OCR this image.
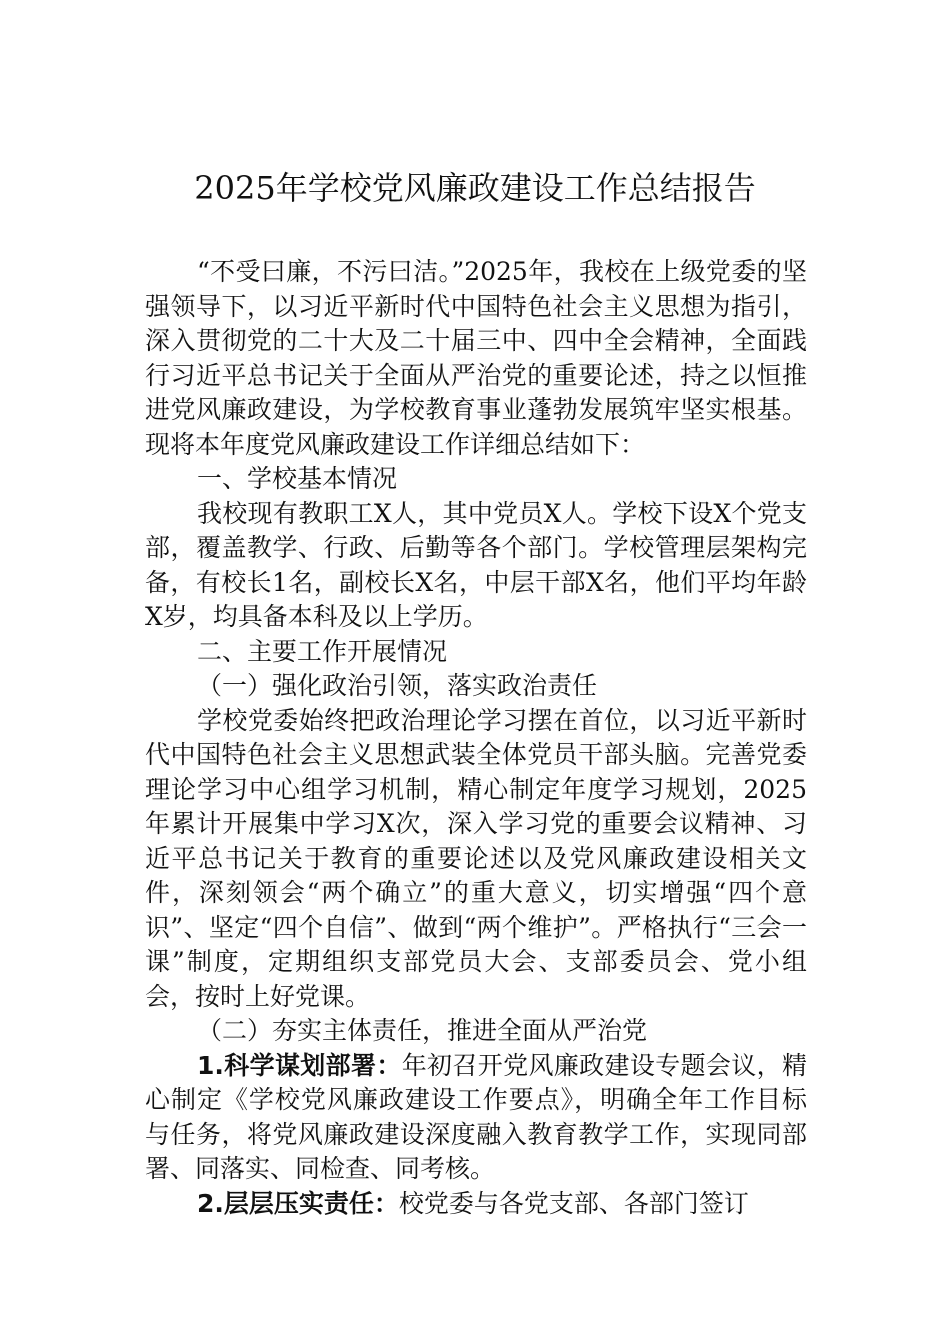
2025年学校党风廉政建设工作总结报告

“不受曰廉，不污曰洁。”2025年，我校在上级党委的坚强领导下，以习近平新时代中国特色社会主义思想为指引，深入贯彻党的二十大及二十届三中、四中全会精神，全面践行习近平总书记关于全面从严治党的重要论述，持之以恒推进党风廉政建设，为学校教育事业蓬勃发展筑牢坚实根基。现将本年度党风廉政建设工作详细总结如下：

一、学校基本情况

我校现有教职工X人，其中党员X人。学校下设X个党支部，覆盖教学、行政、后勤等各个部门。学校管理层架构完备，有校长1名，副校长X名，中层干部X名，他们平均年龄X岁，均具备本科及以上学历。

二、主要工作开展情况

（一）强化政治引领，落实政治责任

学校党委始终把政治理论学习摆在首位，以习近平新时代中国特色社会主义思想武装全体党员干部头脑。完善党委理论学习中心组学习机制，精心制定年度学习规划，2025年累计开展集中学习X次，深入学习党的重要会议精神、习近平总书记关于教育的重要论述以及党风廉政建设相关文件，深刻领会“两个确立”的重大意义，切实增强“四个意识”、坚定“四个自信”、做到“两个维护”。严格执行“三会一课”制度，定期组织支部党员大会、支部委员会、党小组会，按时上好党课。

（二）夯实主体责任，推进全面从严治党

1.科学谋划部署：年初召开党风廉政建设专题会议，精心制定《学校党风廉政建设工作要点》，明确全年工作目标与任务，将党风廉政建设深度融入教育教学工作，实现同部署、同落实、同检查、同考核。

2.层层压实责任：校党委与各党支部、各部门签订
